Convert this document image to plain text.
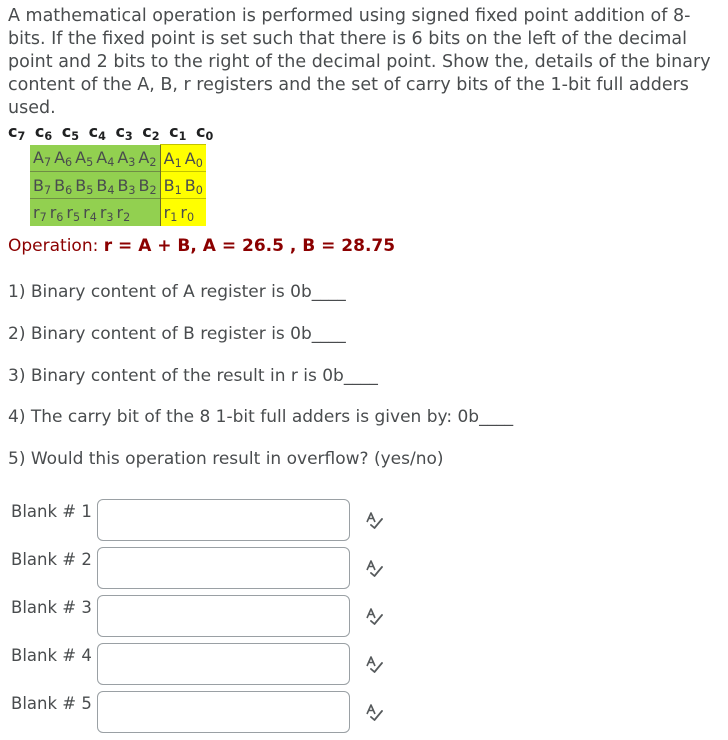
A mathematical operation is performed using signed fixed point addition of 8-bits. If the fixed point is set such that there is 6 bits on the left of the decimal point and 2 bits to the right of the decimal point. Show the, details of the binary content of the A, B, r registers and the set of carry bits of the 1-bit full adders used.
$c_7$ $c_6$ $c_5$ $c_4$ $c_3$ $c_2$ $c_1$ $c_0$
$A_7$ $A_6$ $A_5$ $A_4$ $A_3$ $A_2$	$A_1$ $A_0$
$B_7$ $B_6$ $B_5$ $B_4$ $B_3$ $B_2$	$B_1$ $B_0$
$r_7$ $r_6$ $r_5$ $r_4$ $r_3$ $r_2$	$r_1$ $r_0$
Operation: r = A + B, A = 26.5 , B = 28.75
1) Binary content of A register is 0b____
2) Binary content of B register is 0b____
3) Binary content of the result in r is 0b____
4) The carry bit of the 8 1-bit full adders is given by: 0b____
5) Would this operation result in overflow? (yes/no)
Blank # 1
Blank # 2
Blank # 3
Blank # 4
Blank # 5
